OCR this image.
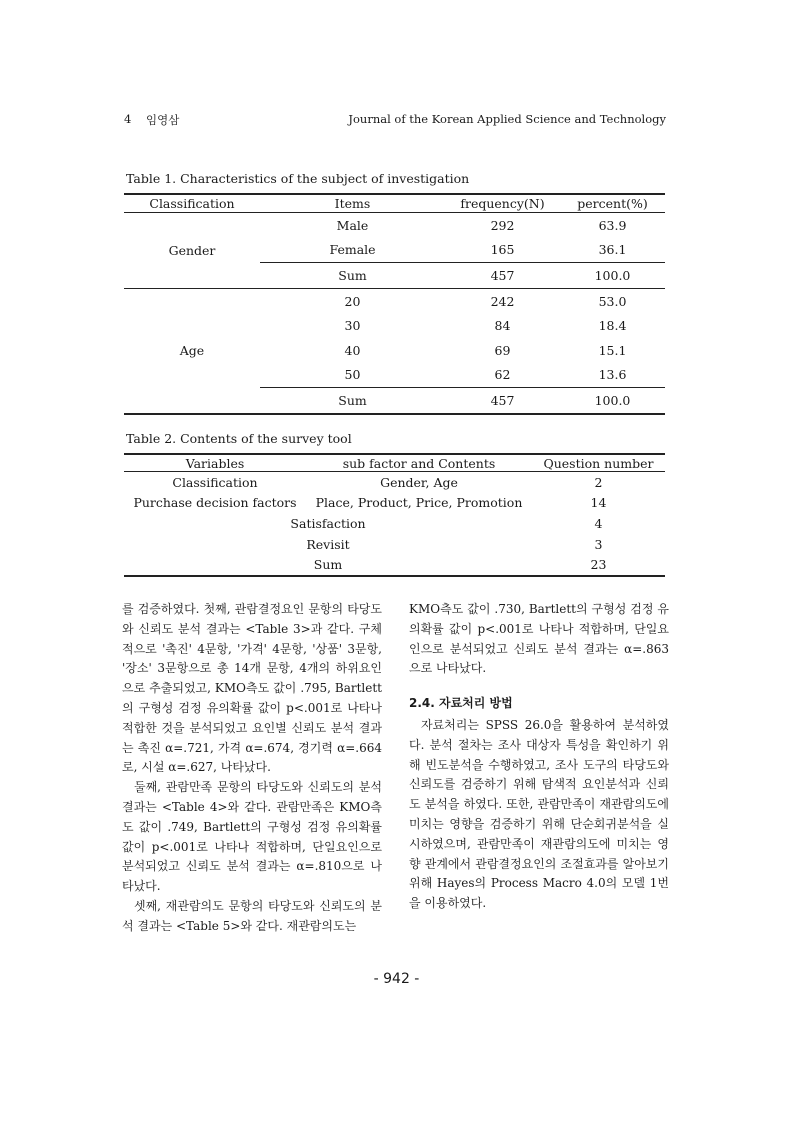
4 임영삼	Journal of the Korean Applied Science and Technology
Table 1. Characteristics of the subject of investigation
Classification	Items	frequency(N)	percent(%)
Gender	Male	292	63.9
	Female	165	36.1
	Sum	457	100.0
Age	20	242	53.0
	30	84	18.4
	40	69	15.1
	50	62	13.6
	Sum	457	100.0
Table 2. Contents of the survey tool
Variables	sub factor and Contents	Question number
Classification	Gender, Age	2
Purchase decision factors	Place, Product, Price, Promotion	14
Satisfaction		4
Revisit		3
Sum		23

를 검증하였다. 첫째, 관람결정요인 문항의 타당도와 신뢰도 분석 결과는 <Table 3>과 같다. 구체적으로 '촉진' 4문항, '가격' 4문항, '상품' 3문항, '장소' 3문항으로 총 14개 문항, 4개의 하위요인으로 추출되었고, KMO측도 값이 .795, Bartlett의 구형성 검정 유의확률 값이 p<.001로 나타나 적합한 것을 분석되었고 요인별 신뢰도 분석 결과는 촉진 α=.721, 가격 α=.674, 경기력 α=.664로, 시설 α=.627, 나타났다.

둘째, 관람만족 문항의 타당도와 신뢰도의 분석 결과는 <Table 4>와 같다. 관람만족은 KMO측도 값이 .749, Bartlett의 구형성 검정 유의확률 값이 p<.001로 나타나 적합하며, 단일요인으로 분석되었고 신뢰도 분석 결과는 α=.810으로 나타났다.

셋째, 재관람의도 문항의 타당도와 신뢰도의 분석 결과는 <Table 5>와 같다. 재관람의도는

KMO측도 값이 .730, Bartlett의 구형성 검정 유의확률 값이 p<.001로 나타나 적합하며, 단일요인으로 분석되었고 신뢰도 분석 결과는 α=.863으로 나타났다.

2.4. 자료처리 방법

자료처리는 SPSS 26.0을 활용하여 분석하였다. 분석 절차는 조사 대상자 특성을 확인하기 위해 빈도분석을 수행하였고, 조사 도구의 타당도와 신뢰도를 검증하기 위해 탐색적 요인분석과 신뢰도 분석을 하였다. 또한, 관람만족이 재관람의도에 미치는 영향을 검증하기 위해 단순회귀분석을 실시하였으며, 관람만족이 재관람의도에 미치는 영향 관계에서 관람결정요인의 조절효과를 알아보기 위해 Hayes의 Process Macro 4.0의 모델 1번을 이용하였다.

- 942 -
